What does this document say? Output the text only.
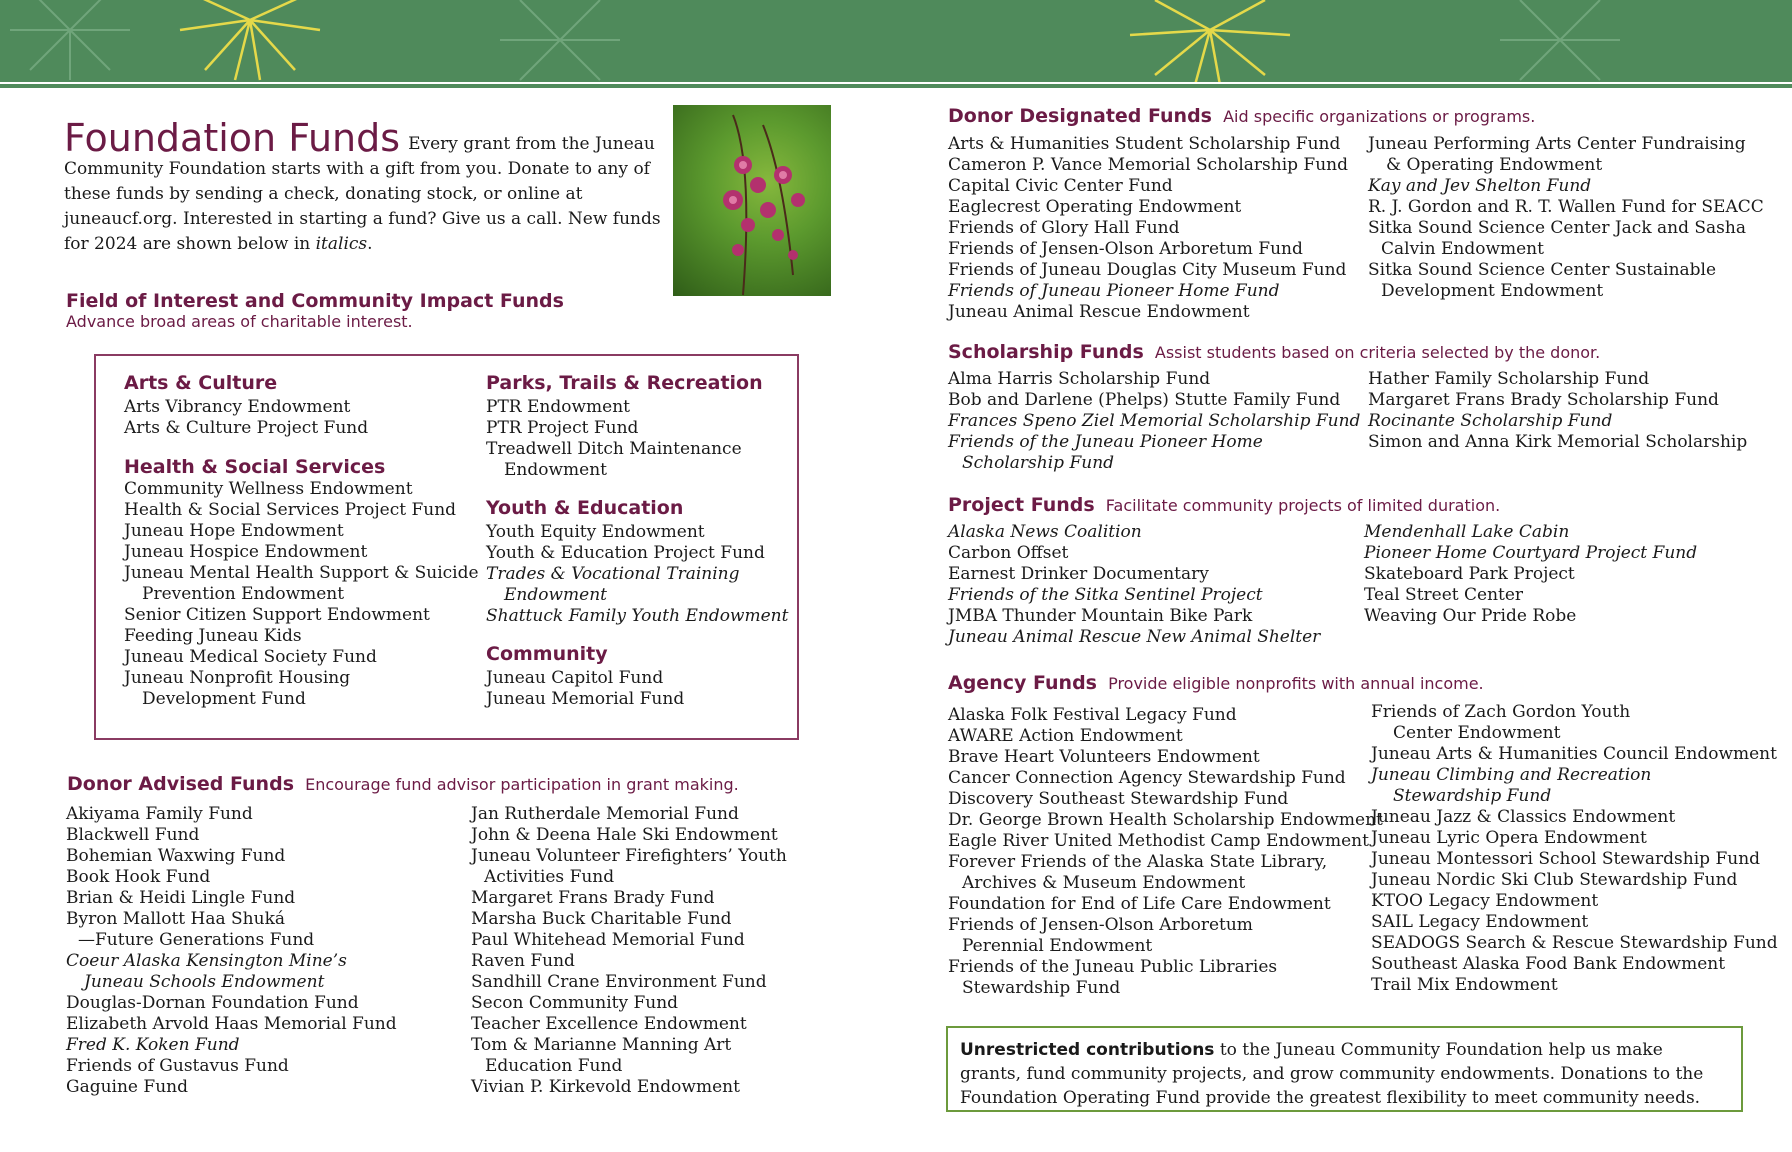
Foundation Funds Every grant from the Juneau Community Foundation starts with a gift from you. Donate to any of these funds by sending a check, donating stock, or online at juneaucf.org. Interested in starting a fund? Give us a call. New funds for 2024 are shown below in italics.
Field of Interest and Community Impact Funds
Advance broad areas of charitable interest.
Arts & Culture
Arts Vibrancy Endowment
Arts & Culture Project Fund
Health & Social Services
Community Wellness Endowment
Health & Social Services Project Fund
Juneau Hope Endowment
Juneau Hospice Endowment
Juneau Mental Health Support & Suicide
Prevention Endowment
Senior Citizen Support Endowment
Feeding Juneau Kids
Juneau Medical Society Fund
Juneau Nonprofit Housing
Development Fund
Parks, Trails & Recreation
PTR Endowment
PTR Project Fund
Treadwell Ditch Maintenance
Endowment
Youth & Education
Youth Equity Endowment
Youth & Education Project Fund
Trades & Vocational Training
Endowment
Shattuck Family Youth Endowment
Community
Juneau Capitol Fund
Juneau Memorial Fund
Donor Advised Funds Encourage fund advisor participation in grant making.
Akiyama Family Fund
Blackwell Fund
Bohemian Waxwing Fund
Book Hook Fund
Brian & Heidi Lingle Fund
Byron Mallott Haa Shuká
—Future Generations Fund
Coeur Alaska Kensington Mine’s
Juneau Schools Endowment
Douglas-Dornan Foundation Fund
Elizabeth Arvold Haas Memorial Fund
Fred K. Koken Fund
Friends of Gustavus Fund
Gaguine Fund
Jan Rutherdale Memorial Fund
John & Deena Hale Ski Endowment
Juneau Volunteer Firefighters’ Youth
Activities Fund
Margaret Frans Brady Fund
Marsha Buck Charitable Fund
Paul Whitehead Memorial Fund
Raven Fund
Sandhill Crane Environment Fund
Secon Community Fund
Teacher Excellence Endowment
Tom & Marianne Manning Art
Education Fund
Vivian P. Kirkevold Endowment
Donor Designated Funds Aid specific organizations or programs.
Arts & Humanities Student Scholarship Fund
Cameron P. Vance Memorial Scholarship Fund
Capital Civic Center Fund
Eaglecrest Operating Endowment
Friends of Glory Hall Fund
Friends of Jensen-Olson Arboretum Fund
Friends of Juneau Douglas City Museum Fund
Friends of Juneau Pioneer Home Fund
Juneau Animal Rescue Endowment
Juneau Performing Arts Center Fundraising
& Operating Endowment
Kay and Jev Shelton Fund
R. J. Gordon and R. T. Wallen Fund for SEACC
Sitka Sound Science Center Jack and Sasha
Calvin Endowment
Sitka Sound Science Center Sustainable
Development Endowment
Scholarship Funds Assist students based on criteria selected by the donor.
Alma Harris Scholarship Fund
Bob and Darlene (Phelps) Stutte Family Fund
Frances Speno Ziel Memorial Scholarship Fund
Friends of the Juneau Pioneer Home
Scholarship Fund
Hather Family Scholarship Fund
Margaret Frans Brady Scholarship Fund
Rocinante Scholarship Fund
Simon and Anna Kirk Memorial Scholarship
Project Funds Facilitate community projects of limited duration.
Alaska News Coalition
Carbon Offset
Earnest Drinker Documentary
Friends of the Sitka Sentinel Project
JMBA Thunder Mountain Bike Park
Juneau Animal Rescue New Animal Shelter
Mendenhall Lake Cabin
Pioneer Home Courtyard Project Fund
Skateboard Park Project
Teal Street Center
Weaving Our Pride Robe
Agency Funds Provide eligible nonprofits with annual income.
Alaska Folk Festival Legacy Fund
AWARE Action Endowment
Brave Heart Volunteers Endowment
Cancer Connection Agency Stewardship Fund
Discovery Southeast Stewardship Fund
Dr. George Brown Health Scholarship Endowment
Eagle River United Methodist Camp Endowment
Forever Friends of the Alaska State Library,
Archives & Museum Endowment
Foundation for End of Life Care Endowment
Friends of Jensen-Olson Arboretum
Perennial Endowment
Friends of the Juneau Public Libraries
Stewardship Fund
Friends of Zach Gordon Youth
Center Endowment
Juneau Arts & Humanities Council Endowment
Juneau Climbing and Recreation
Stewardship Fund
Juneau Jazz & Classics Endowment
Juneau Lyric Opera Endowment
Juneau Montessori School Stewardship Fund
Juneau Nordic Ski Club Stewardship Fund
KTOO Legacy Endowment
SAIL Legacy Endowment
SEADOGS Search & Rescue Stewardship Fund
Southeast Alaska Food Bank Endowment
Trail Mix Endowment
Unrestricted contributions to the Juneau Community Foundation help us make grants, fund community projects, and grow community endowments. Donations to the Foundation Operating Fund provide the greatest flexibility to meet community needs.
